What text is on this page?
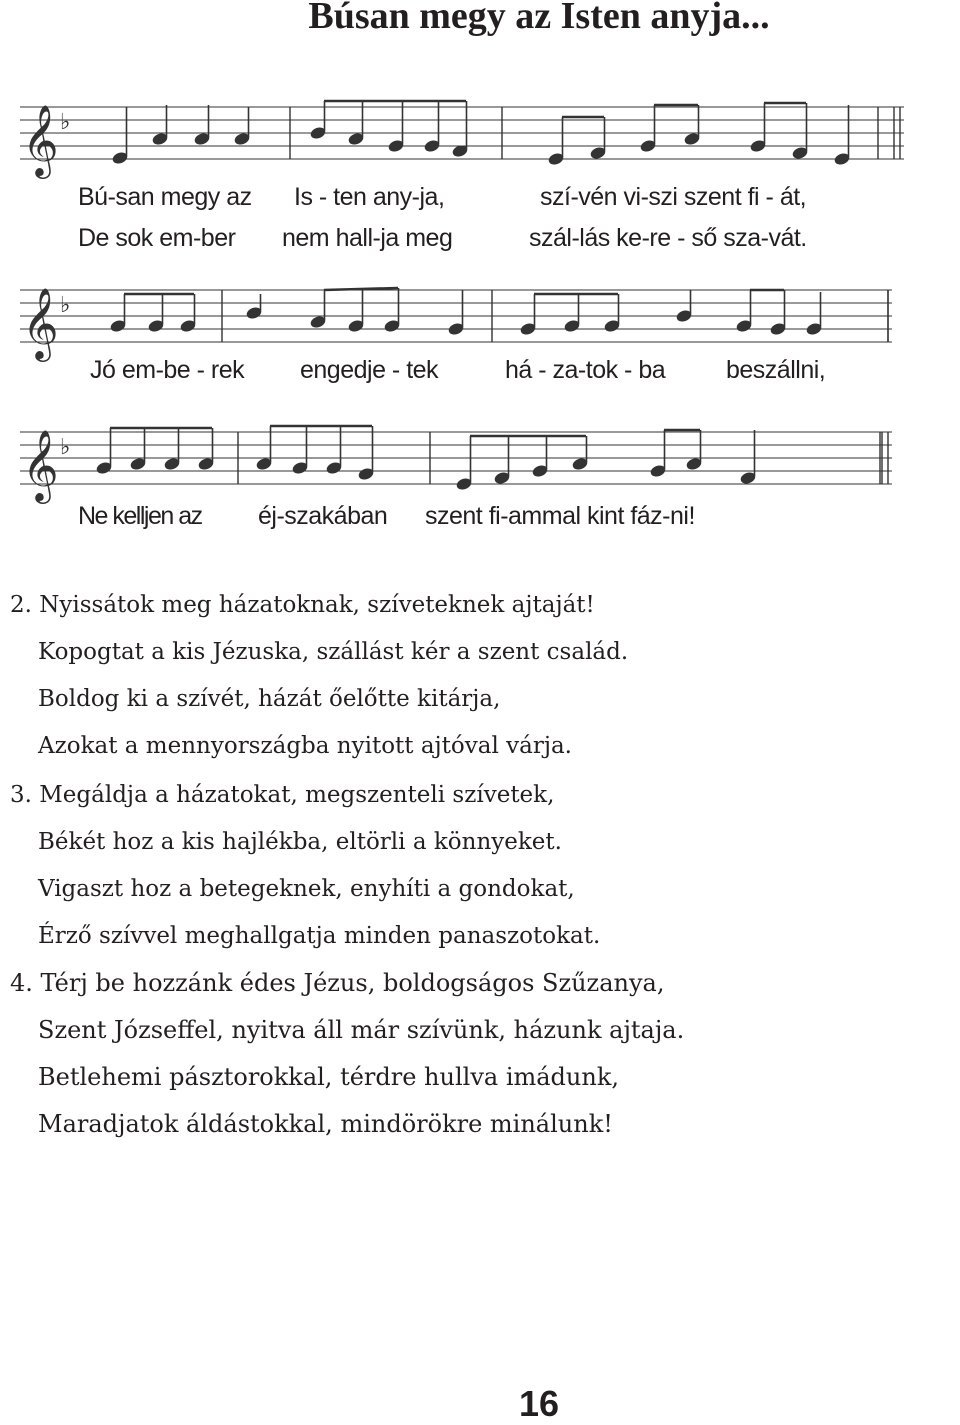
Búsan megy az Isten anyja...
𝄞 ♭
Bú-san megy az Is - ten any-ja,	szí-vén vi-szi szent fi - át,
De sok em-ber nem hall-ja meg	szál-lás ke-re - ső sza-vát.
𝄞 ♭
Jó em-be - rek engedje - tek	há - za-tok - ba beszállni,
𝄞 ♭
Ne kelljen az éj-szakában szent fi-ammal kint fáz-ni!
2. Nyissátok meg házatoknak, szíveteknek ajtaját!
Kopogtat a kis Jézuska, szállást kér a szent család.
Boldog ki a szívét, házát őelőtte kitárja,
Azokat a mennyországba nyitott ajtóval várja.
3. Megáldja a házatokat, megszenteli szívetek,
Békét hoz a kis hajlékba, eltörli a könnyeket.
Vigaszt hoz a betegeknek, enyhíti a gondokat,
Érző szívvel meghallgatja minden panaszotokat.
4. Térj be hozzánk édes Jézus, boldogságos Szűzanya,
Szent Józseffel, nyitva áll már szívünk, házunk ajtaja.
Betlehemi pásztorokkal, térdre hullva imádunk,
Maradjatok áldástokkal, mindörökre minálunk!
16
